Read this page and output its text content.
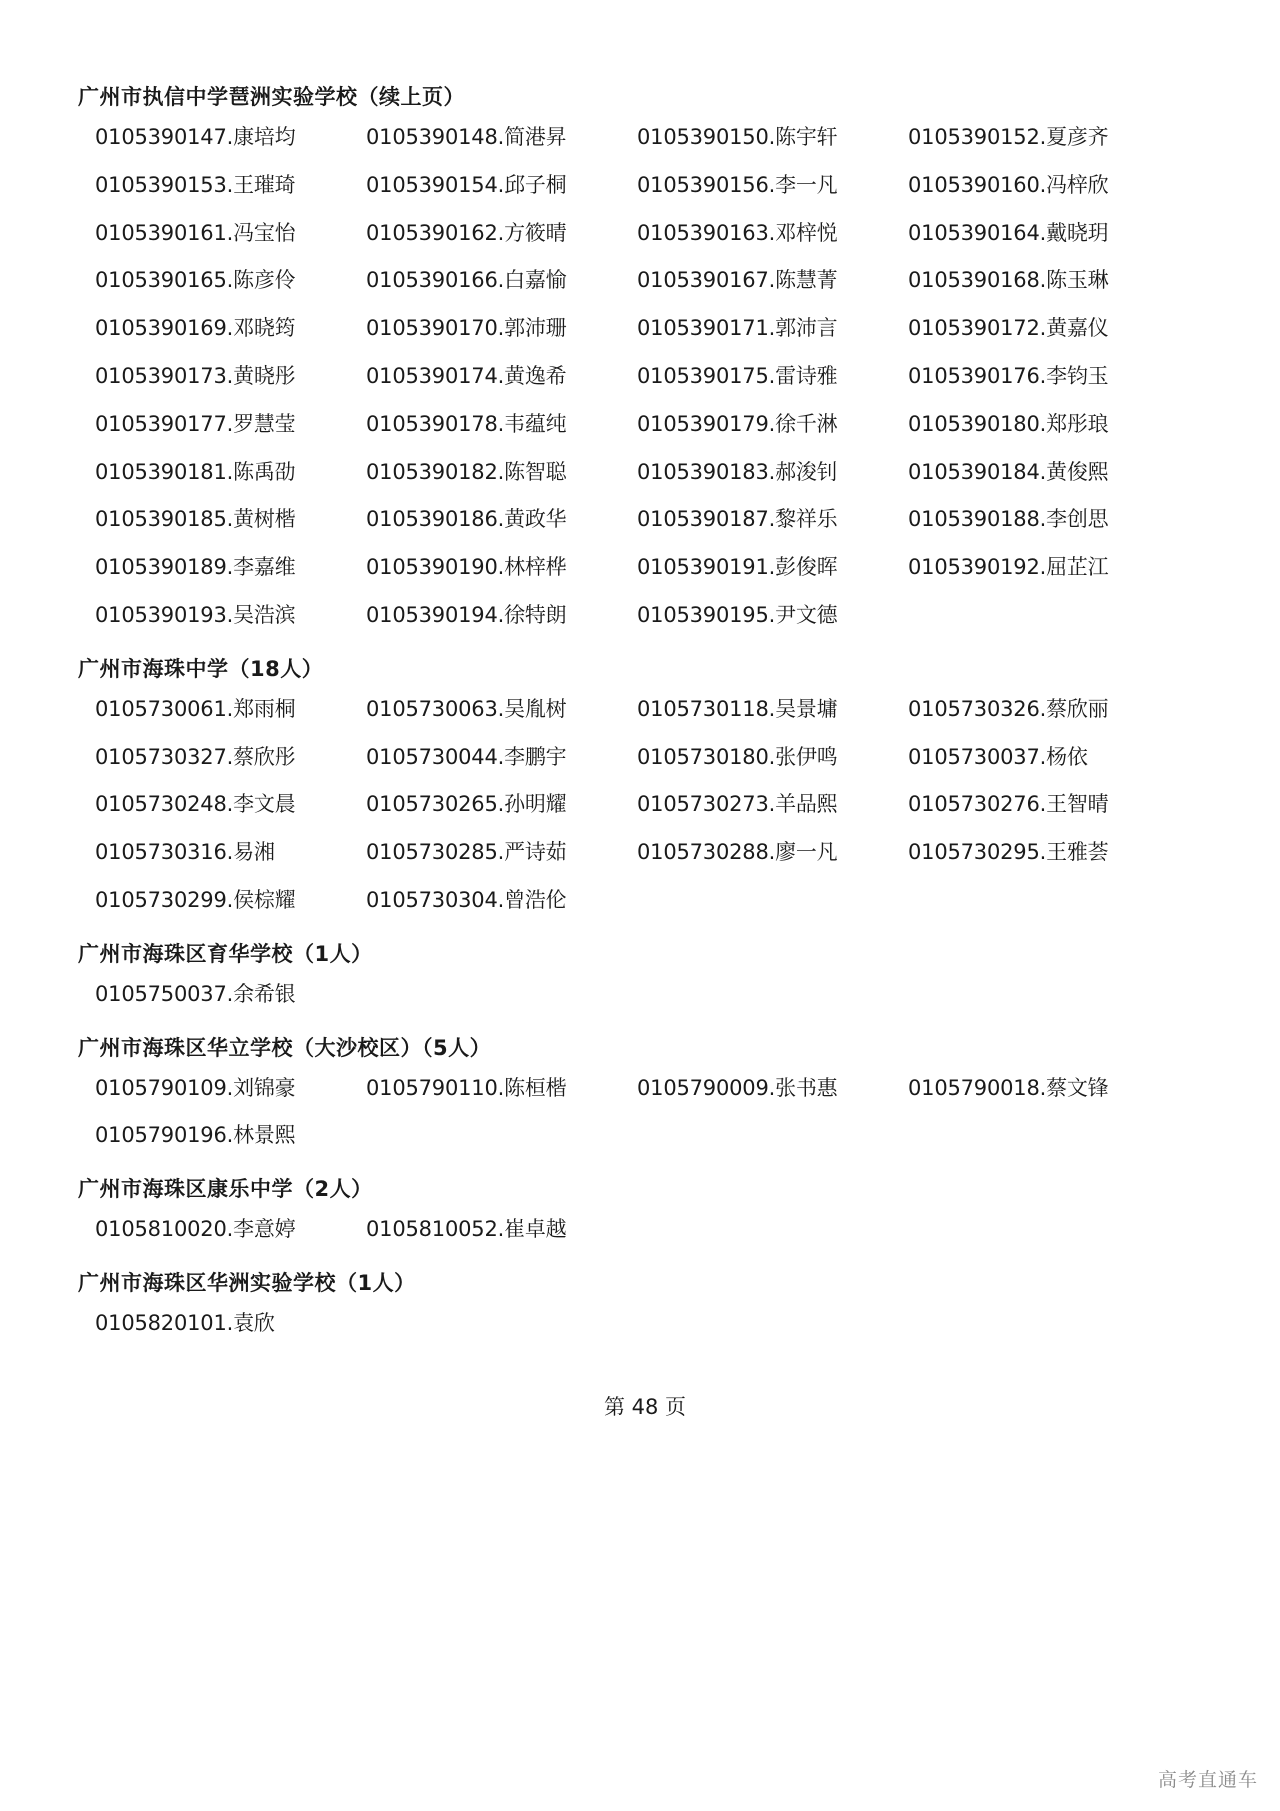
广州市执信中学琶洲实验学校（续上页）
0105390147.康培均	0105390148.简港昇	0105390150.陈宇轩	0105390152.夏彦齐
0105390153.王璀琦	0105390154.邱子桐	0105390156.李一凡	0105390160.冯梓欣
0105390161.冯宝怡	0105390162.方筱晴	0105390163.邓梓悦	0105390164.戴晓玥
0105390165.陈彦伶	0105390166.白嘉愉	0105390167.陈慧菁	0105390168.陈玉琳
0105390169.邓晓筠	0105390170.郭沛珊	0105390171.郭沛言	0105390172.黄嘉仪
0105390173.黄晓彤	0105390174.黄逸希	0105390175.雷诗雅	0105390176.李钧玉
0105390177.罗慧莹	0105390178.韦蕴纯	0105390179.徐千淋	0105390180.郑彤琅
0105390181.陈禹劭	0105390182.陈智聪	0105390183.郝浚钊	0105390184.黄俊熙
0105390185.黄树楷	0105390186.黄政华	0105390187.黎祥乐	0105390188.李创思
0105390189.李嘉维	0105390190.林梓桦	0105390191.彭俊晖	0105390192.屈芷江
0105390193.吴浩滨	0105390194.徐特朗	0105390195.尹文德
广州市海珠中学（18人）
0105730061.郑雨桐	0105730063.吴胤树	0105730118.吴景墉	0105730326.蔡欣丽
0105730327.蔡欣彤	0105730044.李鹏宇	0105730180.张伊鸣	0105730037.杨依
0105730248.李文晨	0105730265.孙明耀	0105730273.羊品熙	0105730276.王智晴
0105730316.易湘	0105730285.严诗茹	0105730288.廖一凡	0105730295.王雅荟
0105730299.侯棕耀	0105730304.曾浩伦
广州市海珠区育华学校（1人）
0105750037.余希银
广州市海珠区华立学校（大沙校区）（5人）
0105790109.刘锦豪	0105790110.陈桓楷	0105790009.张书惠	0105790018.蔡文锋
0105790196.林景熙
广州市海珠区康乐中学（2人）
0105810020.李意婷	0105810052.崔卓越
广州市海珠区华洲实验学校（1人）
0105820101.袁欣
第 48 页
高考直通车
